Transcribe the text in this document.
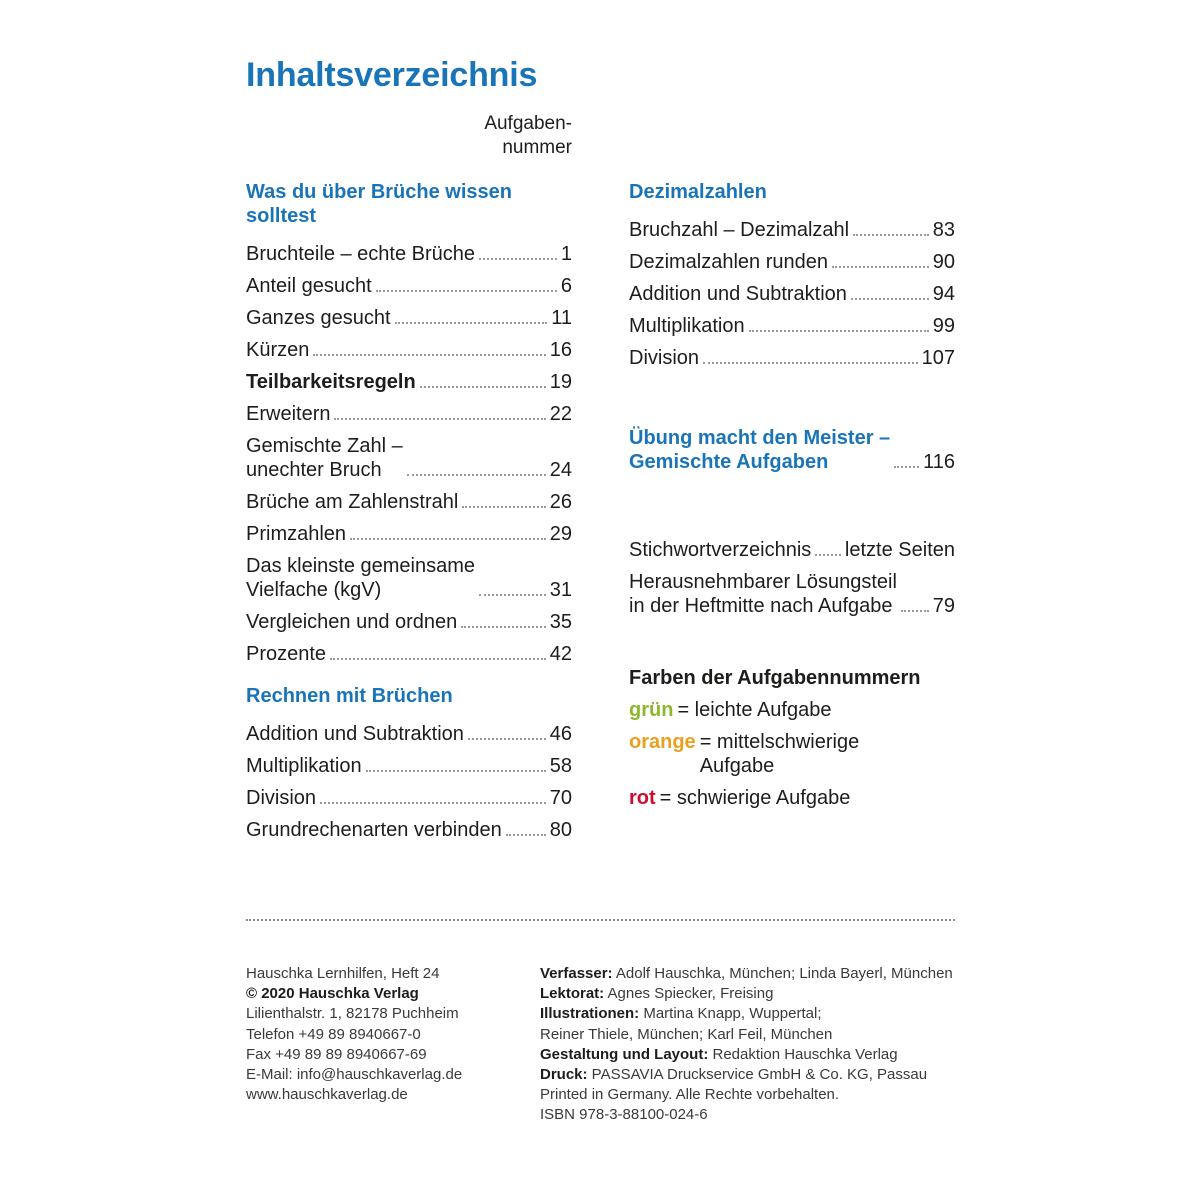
Inhaltsverzeichnis
Aufgaben-
nummer
Was du über Brüche wissen
solltest
Bruchteile – echte Brüche	1
Anteil gesucht	6
Ganzes gesucht	11
Kürzen	16
Teilbarkeitsregeln	19
Erweitern	22
Gemischte Zahl –
unechter Bruch	24
Brüche am Zahlenstrahl	26
Primzahlen	29
Das kleinste gemeinsame
Vielfache (kgV)	31
Vergleichen und ordnen	35
Prozente	42
Rechnen mit Brüchen
Addition und Subtraktion	46
Multiplikation	58
Division	70
Grundrechenarten verbinden 80
Dezimalzahlen
Bruchzahl – Dezimalzahl	83
Dezimalzahlen runden	90
Addition und Subtraktion	94
Multiplikation	99
Division	107
Übung macht den Meister –
Gemischte Aufgaben	116
Stichwortverzeichnis letzte Seiten
Herausnehmbarer Lösungsteil
in der Heftmitte nach Aufgabe 79
Farben der Aufgabennummern
grün = leichte Aufgabe
orange = mittelschwierige
Aufgabe
rot = schwierige Aufgabe
Hauschka Lernhilfen, Heft 24
© 2020 Hauschka Verlag
Lilienthalstr. 1, 82178 Puchheim
Telefon +49 89 8940667-0
Fax +49 89 89 8940667-69
E-Mail: info@hauschkaverlag.de
www.hauschkaverlag.de
Verfasser: Adolf Hauschka, München; Linda Bayerl, München
Lektorat: Agnes Spiecker, Freising
Illustrationen: Martina Knapp, Wuppertal;
Reiner Thiele, München; Karl Feil, München
Gestaltung und Layout: Redaktion Hauschka Verlag
Druck: PASSAVIA Druckservice GmbH & Co. KG, Passau
Printed in Germany. Alle Rechte vorbehalten.
ISBN 978-3-88100-024-6
